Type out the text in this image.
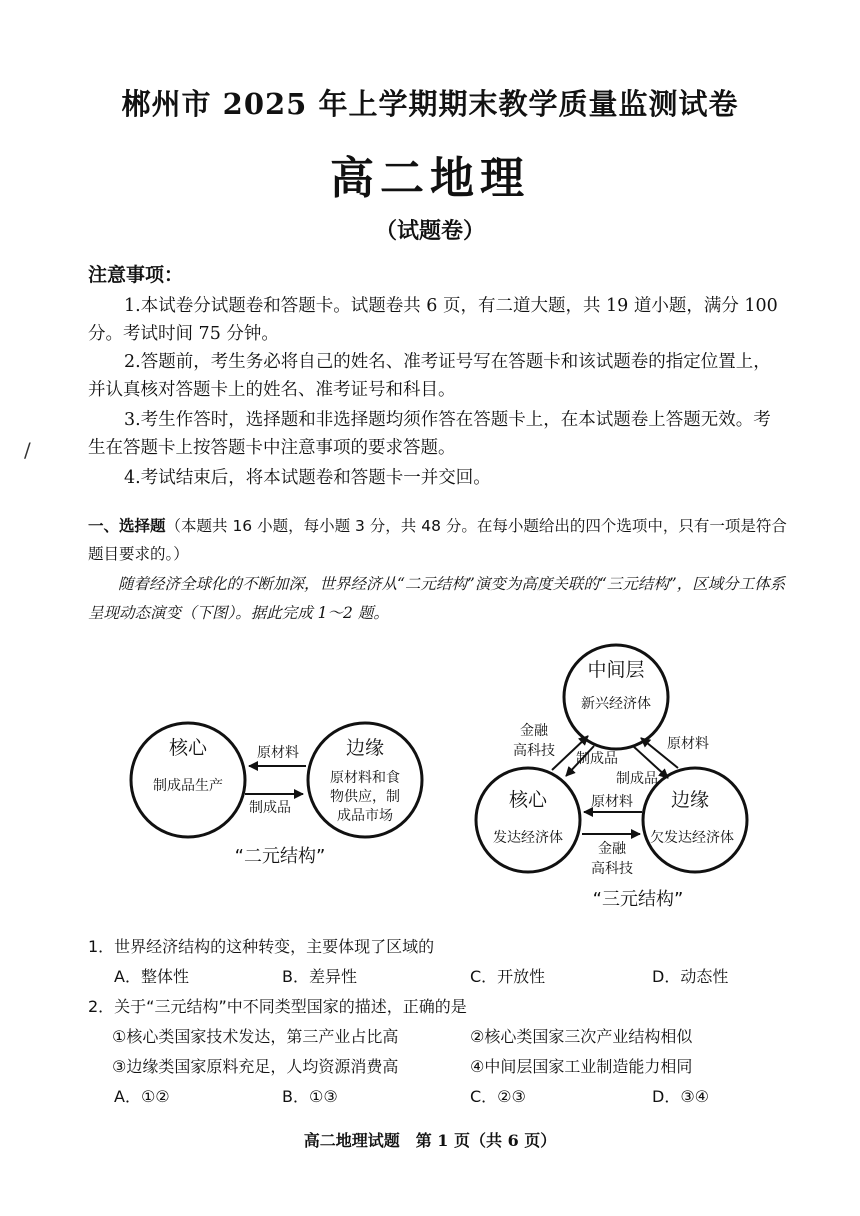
郴州市 2025 年上学期期末教学质量监测试卷
高二地理
（试题卷）
注意事项：
1.本试卷分试题卷和答题卡。试题卷共 6 页，有二道大题，共 19 道小题，满分 100 分。考试时间 75 分钟。
2.答题前，考生务必将自己的姓名、准考证号写在答题卡和该试题卷的指定位置上，并认真核对答题卡上的姓名、准考证号和科目。
3.考生作答时，选择题和非选择题均须作答在答题卡上，在本试题卷上答题无效。考生在答题卡上按答题卡中注意事项的要求答题。
4.考试结束后，将本试题卷和答题卡一并交回。
/
一、选择题（本题共 16 小题，每小题 3 分，共 48 分。在每小题给出的四个选项中，只有一项是符合题目要求的。）
随着经济全球化的不断加深，世界经济从“二元结构”演变为高度关联的“三元结构”，区域分工体系呈现动态演变（下图）。据此完成 1～2 题。
核心
制成品生产
边缘
原材料和食
物供应，制
成品市场
原材料
制成品
“二元结构”
中间层
新兴经济体
核心
发达经济体
边缘
欠发达经济体
金融
高科技 制成品
原材料
制成品
原材料
金融
高科技
“三元结构”
1．世界经济结构的这种转变，主要体现了区域的
A．整体性	B．差异性	C．开放性	D．动态性
2．关于“三元结构”中不同类型国家的描述，正确的是
①核心类国家技术发达，第三产业占比高	②核心类国家三次产业结构相似
③边缘类国家原料充足，人均资源消费高	④中间层国家工业制造能力相同
A．①②	B．①③	C．②③	D．③④
高二地理试题　第 1 页（共 6 页）
